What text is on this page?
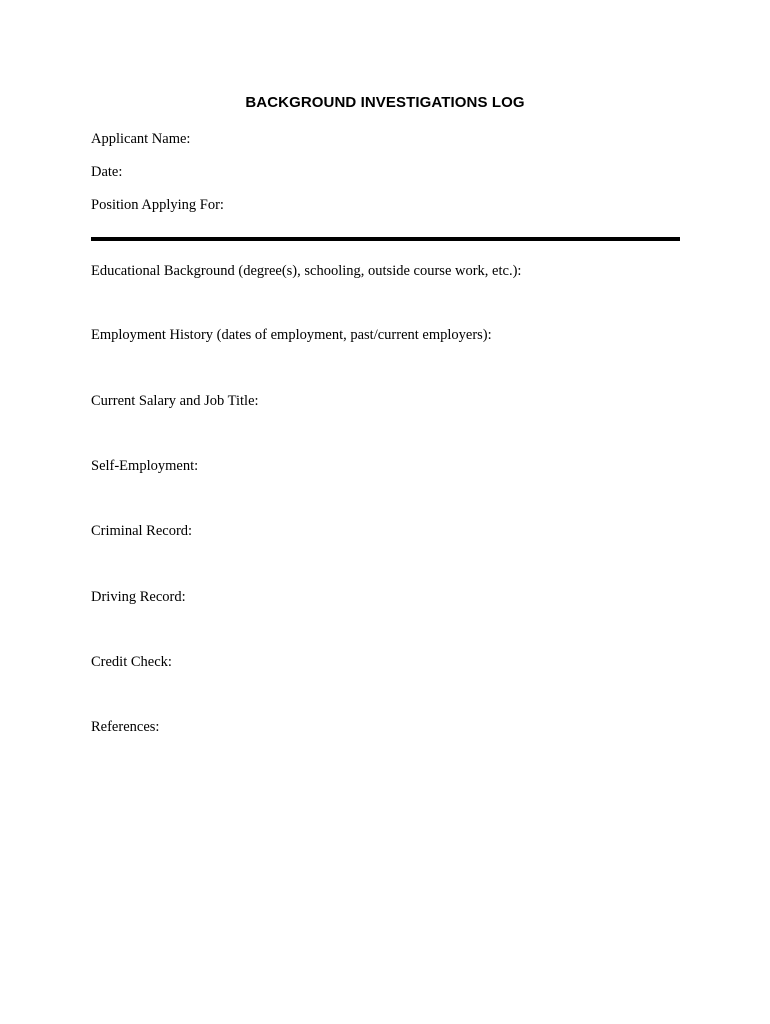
BACKGROUND INVESTIGATIONS LOG

Applicant Name:

Date:

Position Applying For:

Educational Background (degree(s), schooling, outside course work, etc.):

Employment History (dates of employment, past/current employers):

Current Salary and Job Title:

Self-Employment:

Criminal Record:

Driving Record:

Credit Check:

References:
